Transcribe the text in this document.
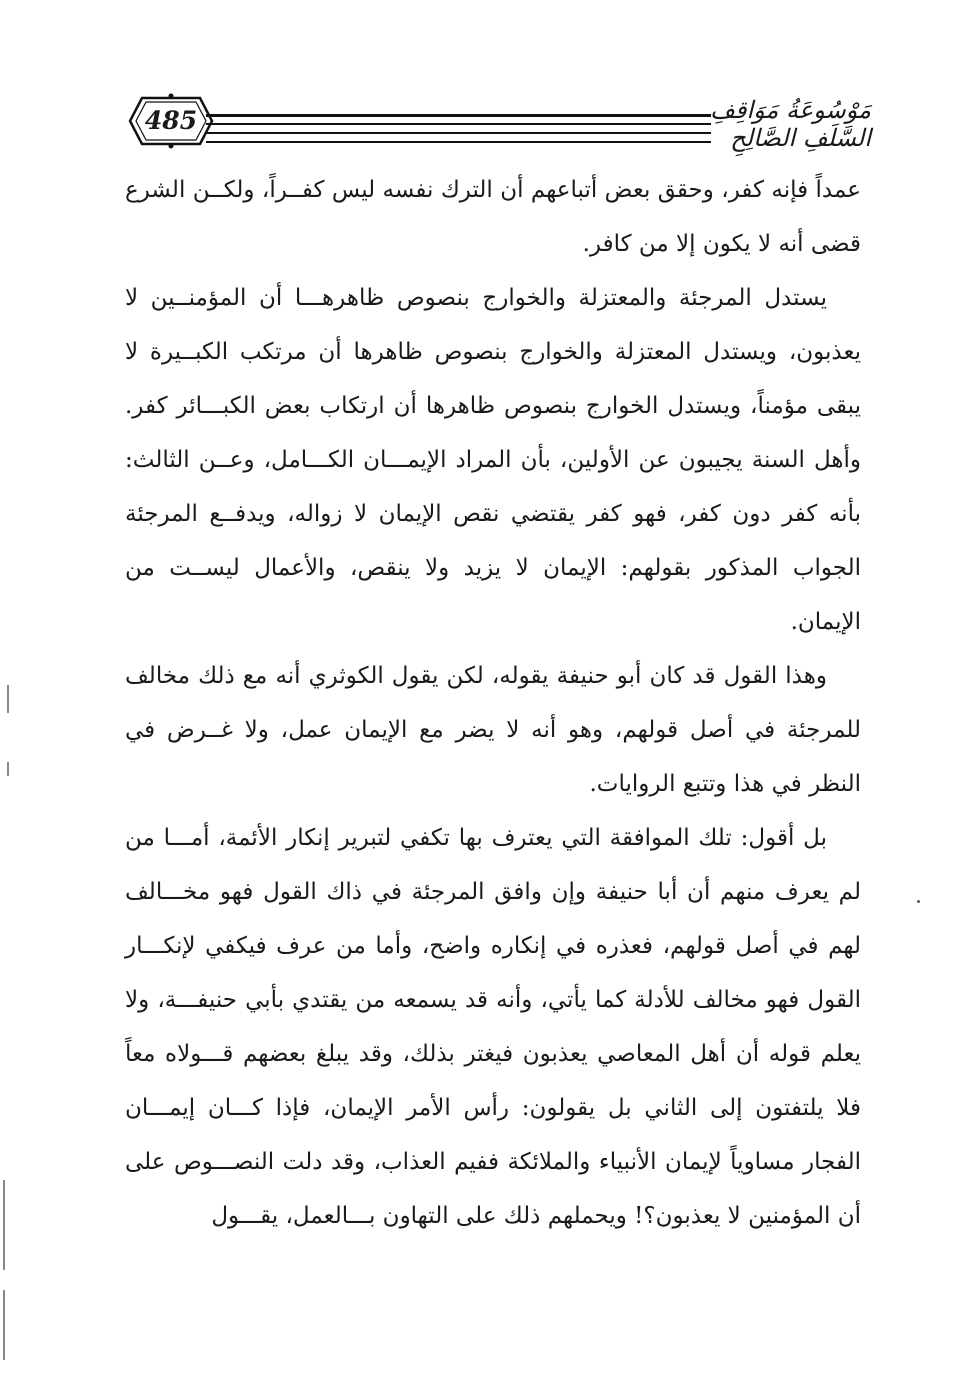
485	مَوْسُوعَةُ مَوَاقِفِ السَّلَفِ الصَّالِحِ

عمداً فإنه كفر، وحقق بعض أتباعهم أن الترك نفسه ليس كفــراً، ولكــن الشرع قضى أنه لا يكون إلا من كافر.

يستدل المرجئة والمعتزلة والخوارج بنصوص ظاهرهـــا أن المؤمنــين لا يعذبون، ويستدل المعتزلة والخوارج بنصوص ظاهرها أن مرتكب الكبــيرة لا يبقى مؤمناً، ويستدل الخوارج بنصوص ظاهرها أن ارتكاب بعض الكبـــائر كفر. وأهل السنة يجيبون عن الأولين، بأن المراد الإيمـــان الكـــامل، وعــن الثالث: بأنه كفر دون كفر، فهو كفر يقتضي نقص الإيمان لا زواله، ويدفــع المرجئة الجواب المذكور بقولهم: الإيمان لا يزيد ولا ينقص، والأعمال ليســت من الإيمان.

وهذا القول قد كان أبو حنيفة يقوله، لكن يقول الكوثري أنه مع ذلك مخالف للمرجئة في أصل قولهم، وهو أنه لا يضر مع الإيمان عمل، ولا غــرض في النظر في هذا وتتبع الروايات.

بل أقول: تلك الموافقة التي يعترف بها تكفي لتبرير إنكار الأئمة، أمـــا من لم يعرف منهم أن أبا حنيفة وإن وافق المرجئة في ذاك القول فهو مخـــالف لهم في أصل قولهم، فعذره في إنكاره واضح، وأما من عرف فيكفي لإنكـــار القول فهو مخالف للأدلة كما يأتي، وأنه قد يسمعه من يقتدي بأبي حنيفـــة، ولا يعلم قوله أن أهل المعاصي يعذبون فيغتر بذلك، وقد يبلغ بعضهم قـــولاه معاً فلا يلتفتون إلى الثاني بل يقولون: رأس الأمر الإيمان، فإذا كـــان إيمـــان الفجار مساوياً لإيمان الأنبياء والملائكة ففيم العذاب، وقد دلت النصـــوص على أن المؤمنين لا يعذبون؟! ويحملهم ذلك على التهاون بـــالعمل، يقـــول
